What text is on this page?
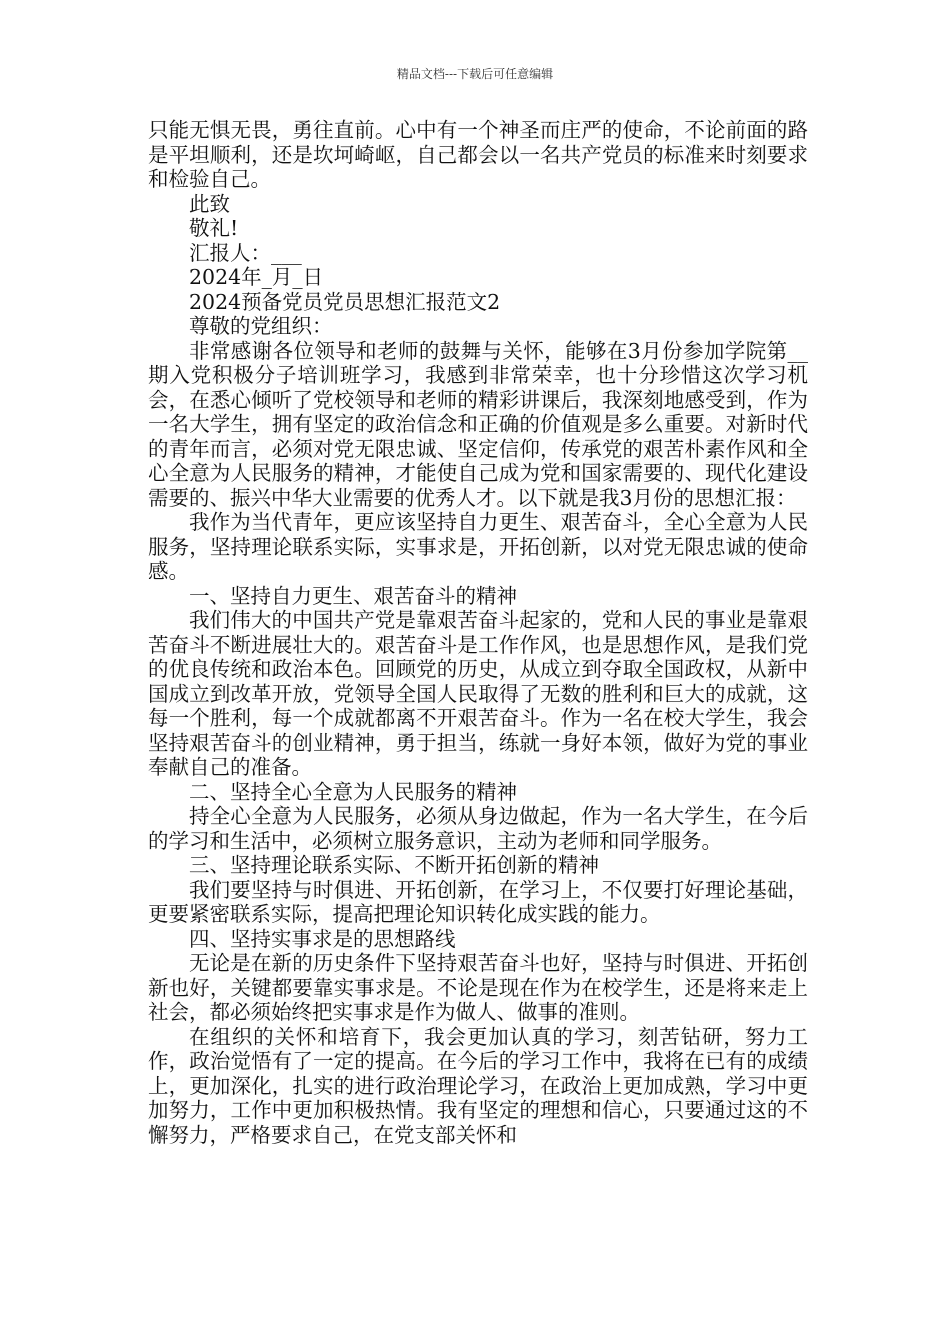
精品文档---下载后可任意编辑

只能无惧无畏，勇往直前。心中有一个神圣而庄严的使命，不论前面的路是平坦顺利，还是坎坷崎岖，自己都会以一名共产党员的标准来时刻要求和检验自己。

此致

敬礼!

汇报人：___

2024年_月_日

2024预备党员党员思想汇报范文2

尊敬的党组织：

非常感谢各位领导和老师的鼓舞与关怀，能够在3月份参加学院第__期入党积极分子培训班学习，我感到非常荣幸，也十分珍惜这次学习机会，在悉心倾听了党校领导和老师的精彩讲课后，我深刻地感受到，作为一名大学生，拥有坚定的政治信念和正确的价值观是多么重要。对新时代的青年而言，必须对党无限忠诚、坚定信仰，传承党的艰苦朴素作风和全心全意为人民服务的精神，才能使自己成为党和国家需要的、现代化建设需要的、振兴中华大业需要的优秀人才。以下就是我3月份的思想汇报：

我作为当代青年，更应该坚持自力更生、艰苦奋斗，全心全意为人民服务，坚持理论联系实际，实事求是，开拓创新，以对党无限忠诚的使命感。

一、坚持自力更生、艰苦奋斗的精神

我们伟大的中国共产党是靠艰苦奋斗起家的，党和人民的事业是靠艰苦奋斗不断进展壮大的。艰苦奋斗是工作作风，也是思想作风，是我们党的优良传统和政治本色。回顾党的历史，从成立到夺取全国政权，从新中国成立到改革开放，党领导全国人民取得了无数的胜利和巨大的成就，这每一个胜利，每一个成就都离不开艰苦奋斗。作为一名在校大学生，我会坚持艰苦奋斗的创业精神，勇于担当，练就一身好本领，做好为党的事业奉献自己的准备。

二、坚持全心全意为人民服务的精神

持全心全意为人民服务，必须从身边做起，作为一名大学生，在今后的学习和生活中，必须树立服务意识，主动为老师和同学服务。

三、坚持理论联系实际、不断开拓创新的精神

我们要坚持与时俱进、开拓创新，在学习上，不仅要打好理论基础，更要紧密联系实际，提高把理论知识转化成实践的能力。

四、坚持实事求是的思想路线

无论是在新的历史条件下坚持艰苦奋斗也好，坚持与时俱进、开拓创新也好，关键都要靠实事求是。不论是现在作为在校学生，还是将来走上社会，都必须始终把实事求是作为做人、做事的准则。

在组织的关怀和培育下，我会更加认真的学习，刻苦钻研，努力工作，政治觉悟有了一定的提高。在今后的学习工作中，我将在已有的成绩上，更加深化，扎实的进行政治理论学习，在政治上更加成熟，学习中更加努力，工作中更加积极热情。我有坚定的理想和信心，只要通过这的不懈努力，严格要求自己，在党支部关怀和
